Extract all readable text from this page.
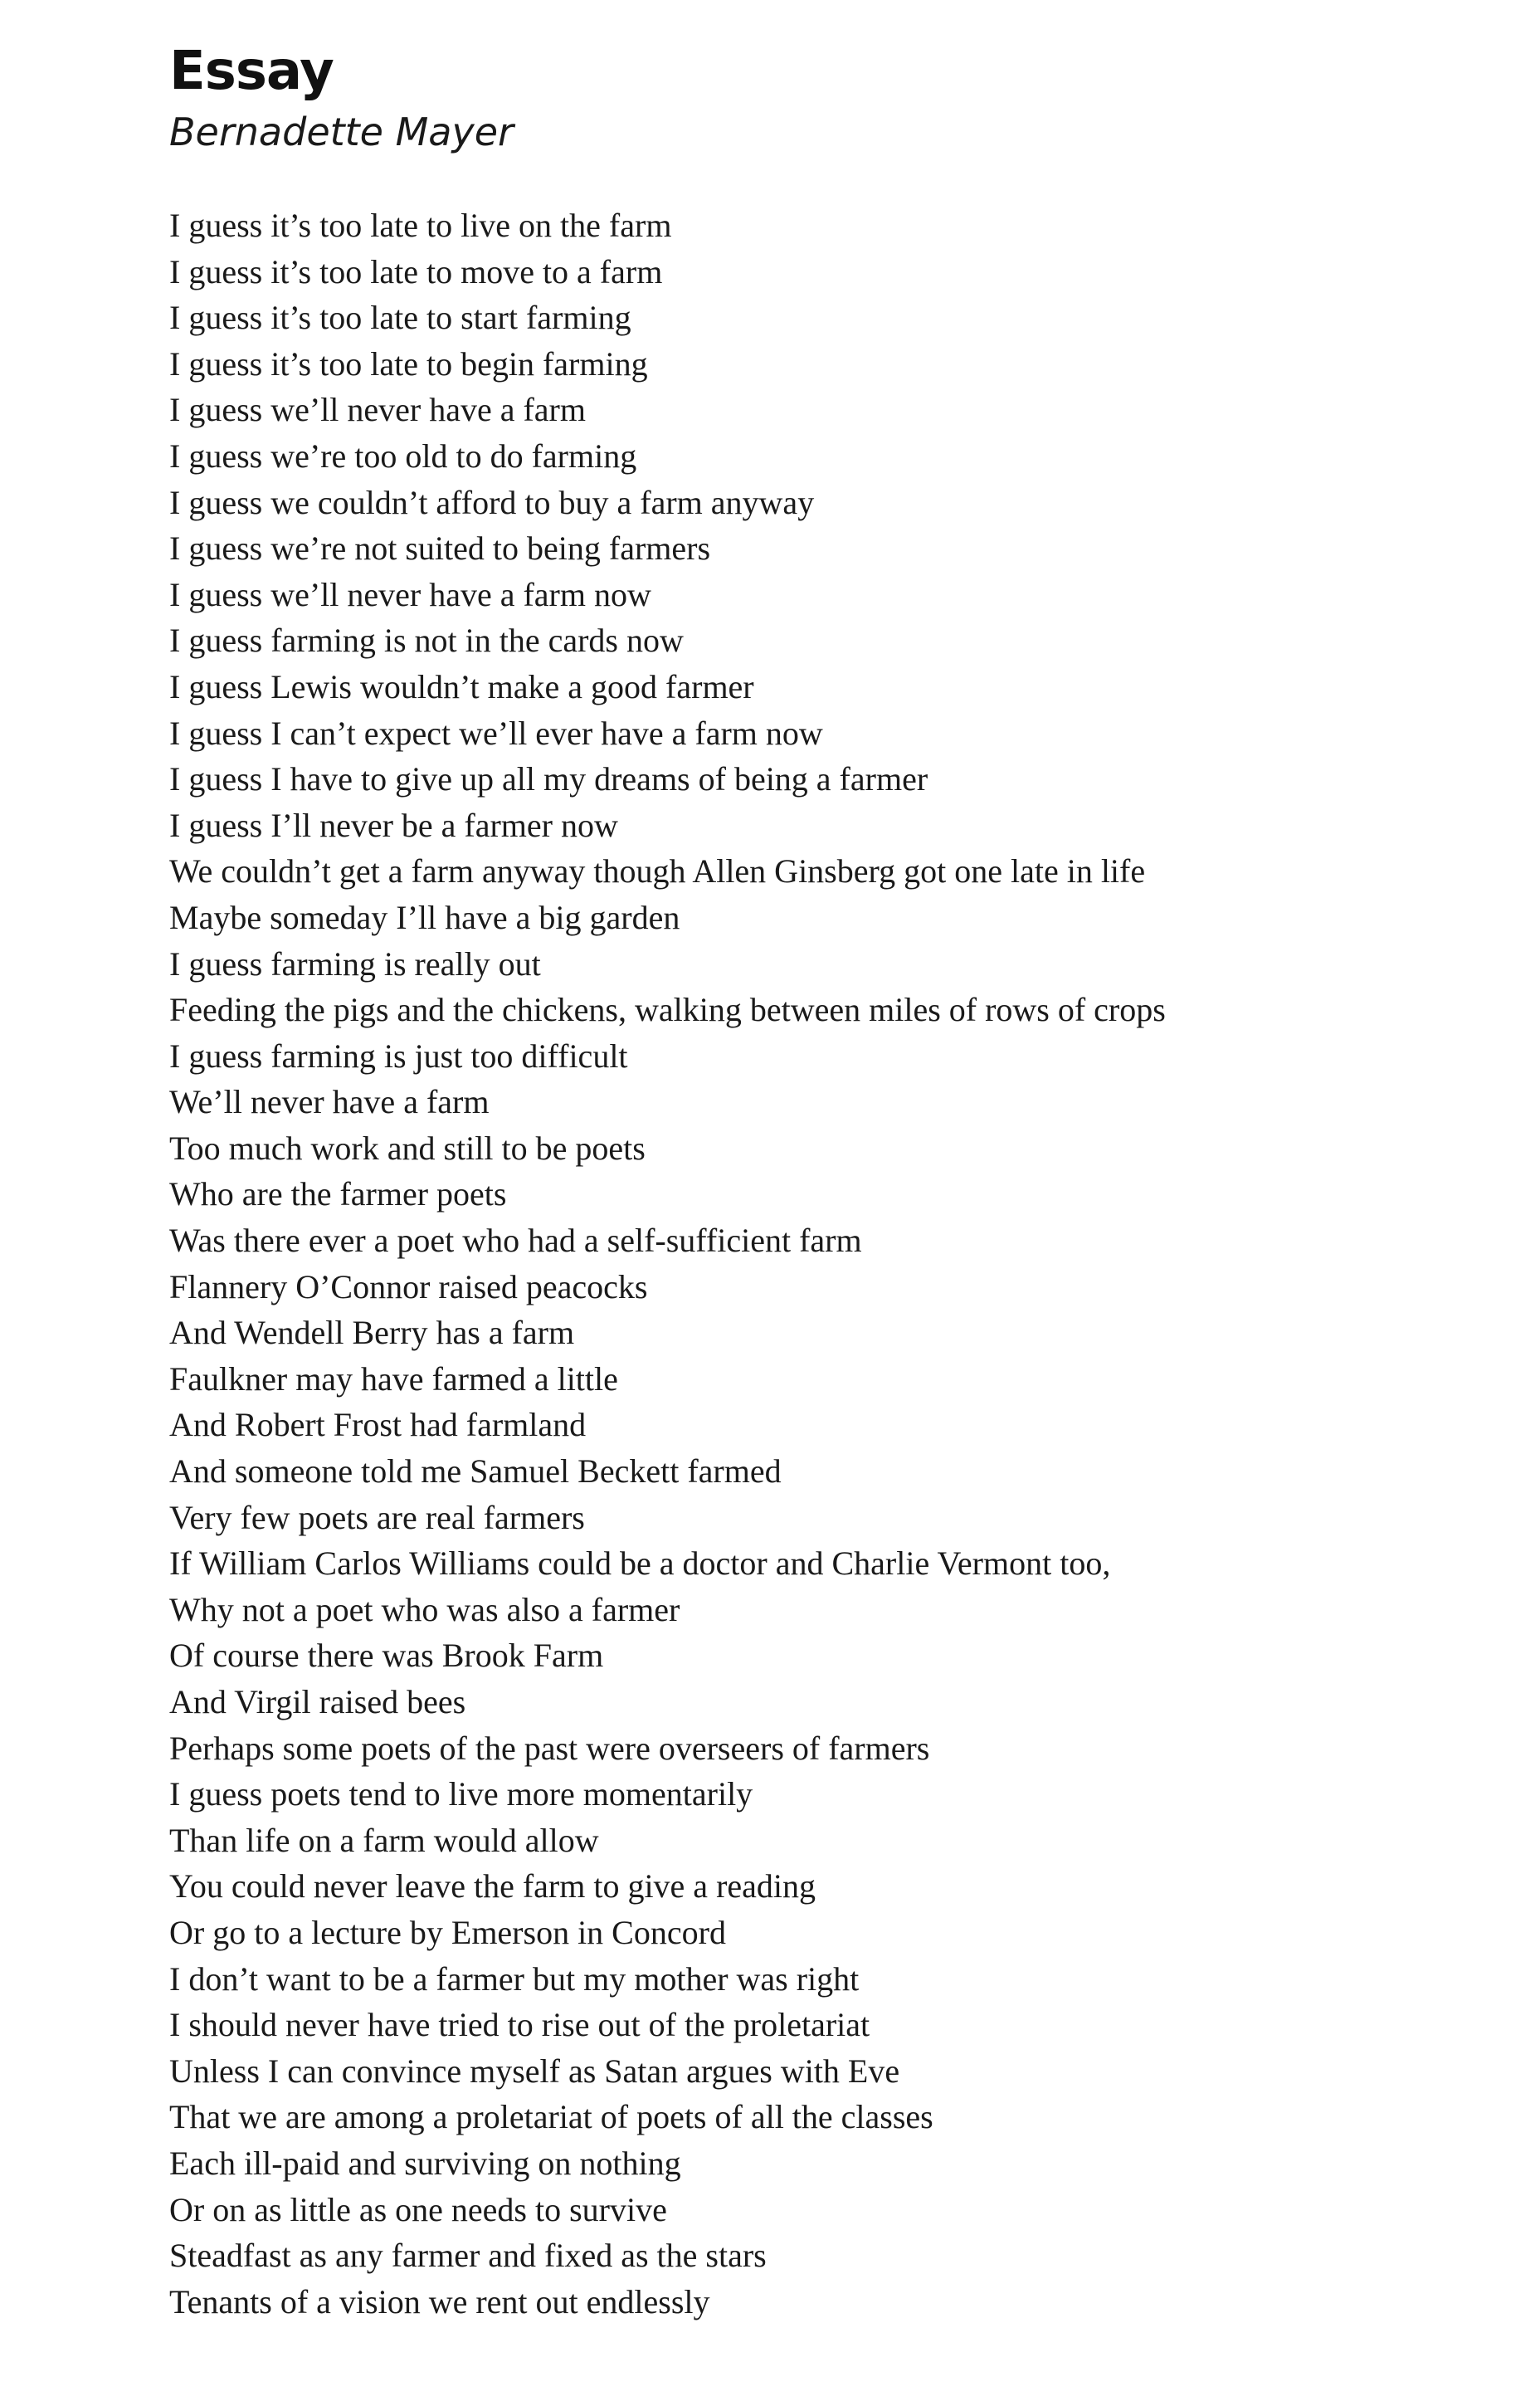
Essay
Bernadette Mayer
I guess it’s too late to live on the farm
I guess it’s too late to move to a farm
I guess it’s too late to start farming
I guess it’s too late to begin farming
I guess we’ll never have a farm
I guess we’re too old to do farming
I guess we couldn’t afford to buy a farm anyway
I guess we’re not suited to being farmers
I guess we’ll never have a farm now
I guess farming is not in the cards now
I guess Lewis wouldn’t make a good farmer
I guess I can’t expect we’ll ever have a farm now
I guess I have to give up all my dreams of being a farmer
I guess I’ll never be a farmer now
We couldn’t get a farm anyway though Allen Ginsberg got one late in life
Maybe someday I’ll have a big garden
I guess farming is really out
Feeding the pigs and the chickens, walking between miles of rows of crops
I guess farming is just too difficult
We’ll never have a farm
Too much work and still to be poets
Who are the farmer poets
Was there ever a poet who had a self-sufficient farm
Flannery O’Connor raised peacocks
And Wendell Berry has a farm
Faulkner may have farmed a little
And Robert Frost had farmland
And someone told me Samuel Beckett farmed
Very few poets are real farmers
If William Carlos Williams could be a doctor and Charlie Vermont too,
Why not a poet who was also a farmer
Of course there was Brook Farm
And Virgil raised bees
Perhaps some poets of the past were overseers of farmers
I guess poets tend to live more momentarily
Than life on a farm would allow
You could never leave the farm to give a reading
Or go to a lecture by Emerson in Concord
I don’t want to be a farmer but my mother was right
I should never have tried to rise out of the proletariat
Unless I can convince myself as Satan argues with Eve
That we are among a proletariat of poets of all the classes
Each ill-paid and surviving on nothing
Or on as little as one needs to survive
Steadfast as any farmer and fixed as the stars
Tenants of a vision we rent out endlessly
